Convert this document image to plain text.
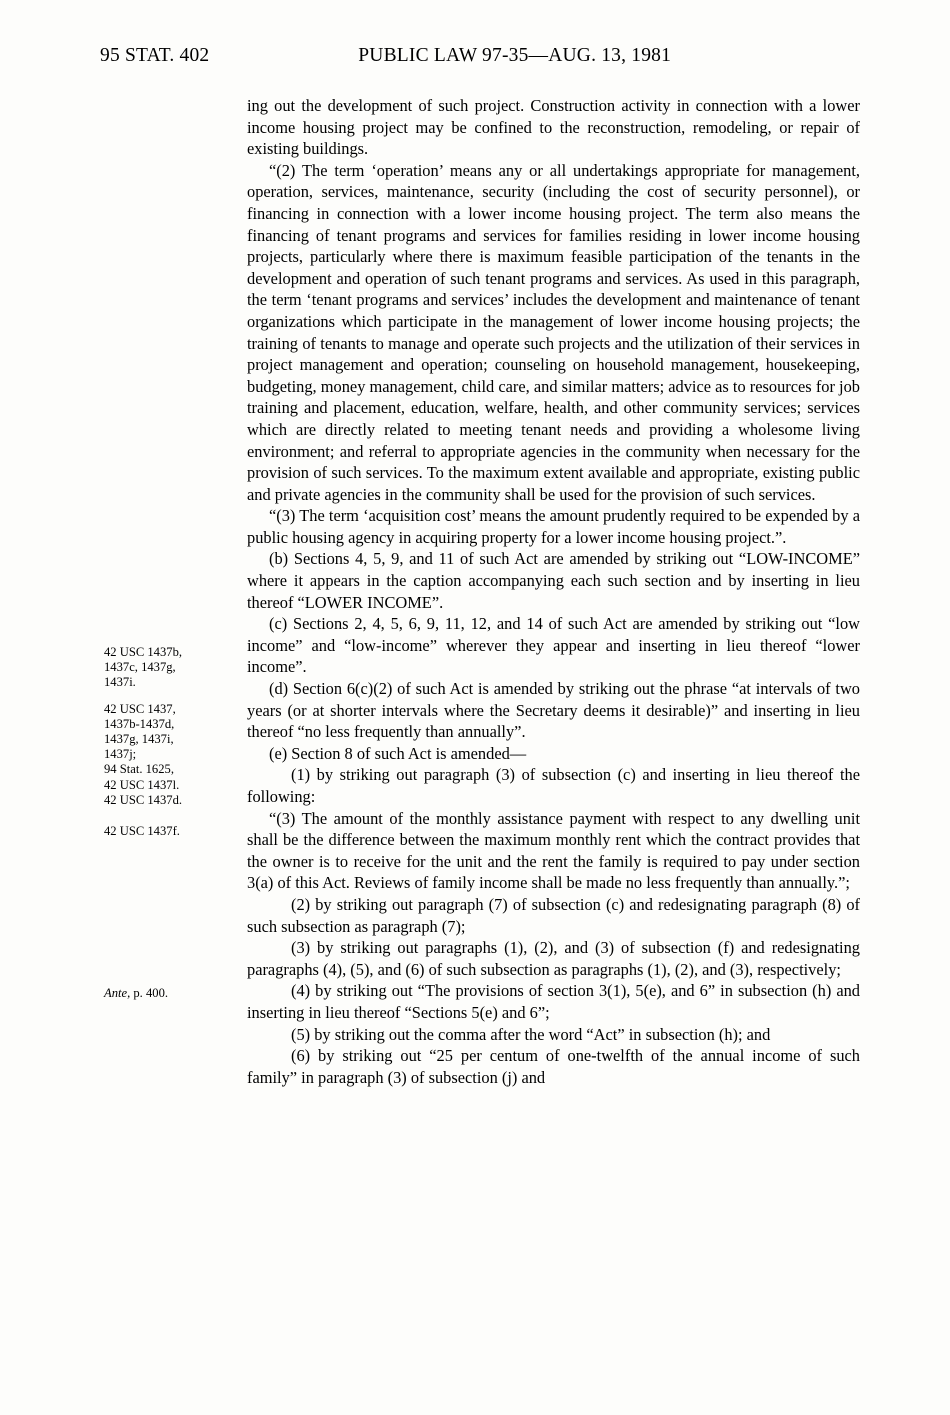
95 STAT. 402	PUBLIC LAW 97-35—AUG. 13, 1981
42 USC 1437b,
1437c, 1437g,
1437i.
42 USC 1437,
1437b-1437d,
1437g, 1437i,
1437j;
94 Stat. 1625,
42 USC 1437l.
42 USC 1437d.
42 USC 1437f.
Ante, p. 400.

ing out the development of such project. Construction activity in connection with a lower income housing project may be confined to the reconstruction, remodeling, or repair of existing buildings.

“(2) The term ‘operation’ means any or all undertakings appropriate for management, operation, services, maintenance, security (including the cost of security personnel), or financing in connection with a lower income housing project. The term also means the financing of tenant programs and services for families residing in lower income housing projects, particularly where there is maximum feasible participation of the tenants in the development and operation of such tenant programs and services. As used in this paragraph, the term ‘tenant programs and services’ includes the development and maintenance of tenant organizations which participate in the management of lower income housing projects; the training of tenants to manage and operate such projects and the utilization of their services in project management and operation; counseling on household management, housekeeping, budgeting, money management, child care, and similar matters; advice as to resources for job training and placement, education, welfare, health, and other community services; services which are directly related to meeting tenant needs and providing a wholesome living environment; and referral to appropriate agencies in the community when necessary for the provision of such services. To the maximum extent available and appropriate, existing public and private agencies in the community shall be used for the provision of such services.

“(3) The term ‘acquisition cost’ means the amount prudently required to be expended by a public housing agency in acquiring property for a lower income housing project.”.

(b) Sections 4, 5, 9, and 11 of such Act are amended by striking out “LOW-INCOME” where it appears in the caption accompanying each such section and by inserting in lieu thereof “LOWER INCOME”.

(c) Sections 2, 4, 5, 6, 9, 11, 12, and 14 of such Act are amended by striking out “low income” and “low-income” wherever they appear and inserting in lieu thereof “lower income”.

(d) Section 6(c)(2) of such Act is amended by striking out the phrase “at intervals of two years (or at shorter intervals where the Secretary deems it desirable)” and inserting in lieu thereof “no less frequently than annually”.

(e) Section 8 of such Act is amended—

(1) by striking out paragraph (3) of subsection (c) and inserting in lieu thereof the following:

“(3) The amount of the monthly assistance payment with respect to any dwelling unit shall be the difference between the maximum monthly rent which the contract provides that the owner is to receive for the unit and the rent the family is required to pay under section 3(a) of this Act. Reviews of family income shall be made no less frequently than annually.”;

(2) by striking out paragraph (7) of subsection (c) and redesignating paragraph (8) of such subsection as paragraph (7);

(3) by striking out paragraphs (1), (2), and (3) of subsection (f) and redesignating paragraphs (4), (5), and (6) of such subsection as paragraphs (1), (2), and (3), respectively;

(4) by striking out “The provisions of section 3(1), 5(e), and 6” in subsection (h) and inserting in lieu thereof “Sections 5(e) and 6”;

(5) by striking out the comma after the word “Act” in subsection (h); and

(6) by striking out “25 per centum of one-twelfth of the annual income of such family” in paragraph (3) of subsection (j) and
